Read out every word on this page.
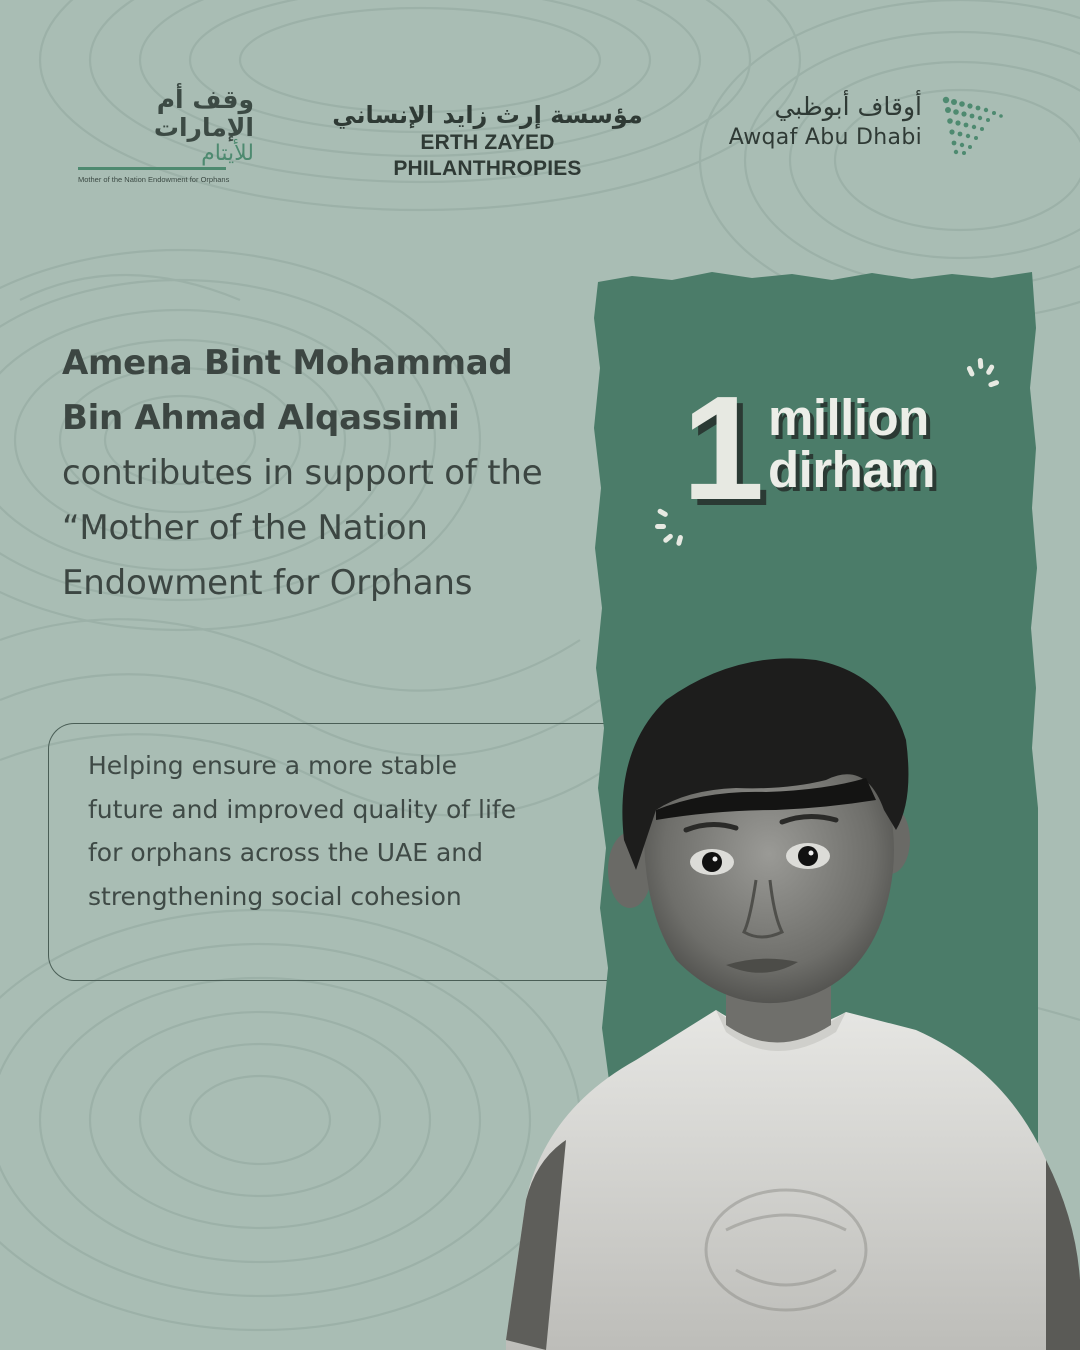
وقف أم الإمارات
للأيتام
Mother of the Nation Endowment for Orphans
مؤسسة إرث زايد الإنساني
ERTH ZAYED PHILANTHROPIES
أوقاف أبوظبي
Awqaf Abu Dhabi
Amena Bint Mohammad Bin Ahmad Alqassimi
contributes in support of the “Mother of the Nation Endowment for Orphans
Helping ensure a more stable future and improved quality of life for orphans across the UAE and strengthening social cohesion
1 million
dirham
